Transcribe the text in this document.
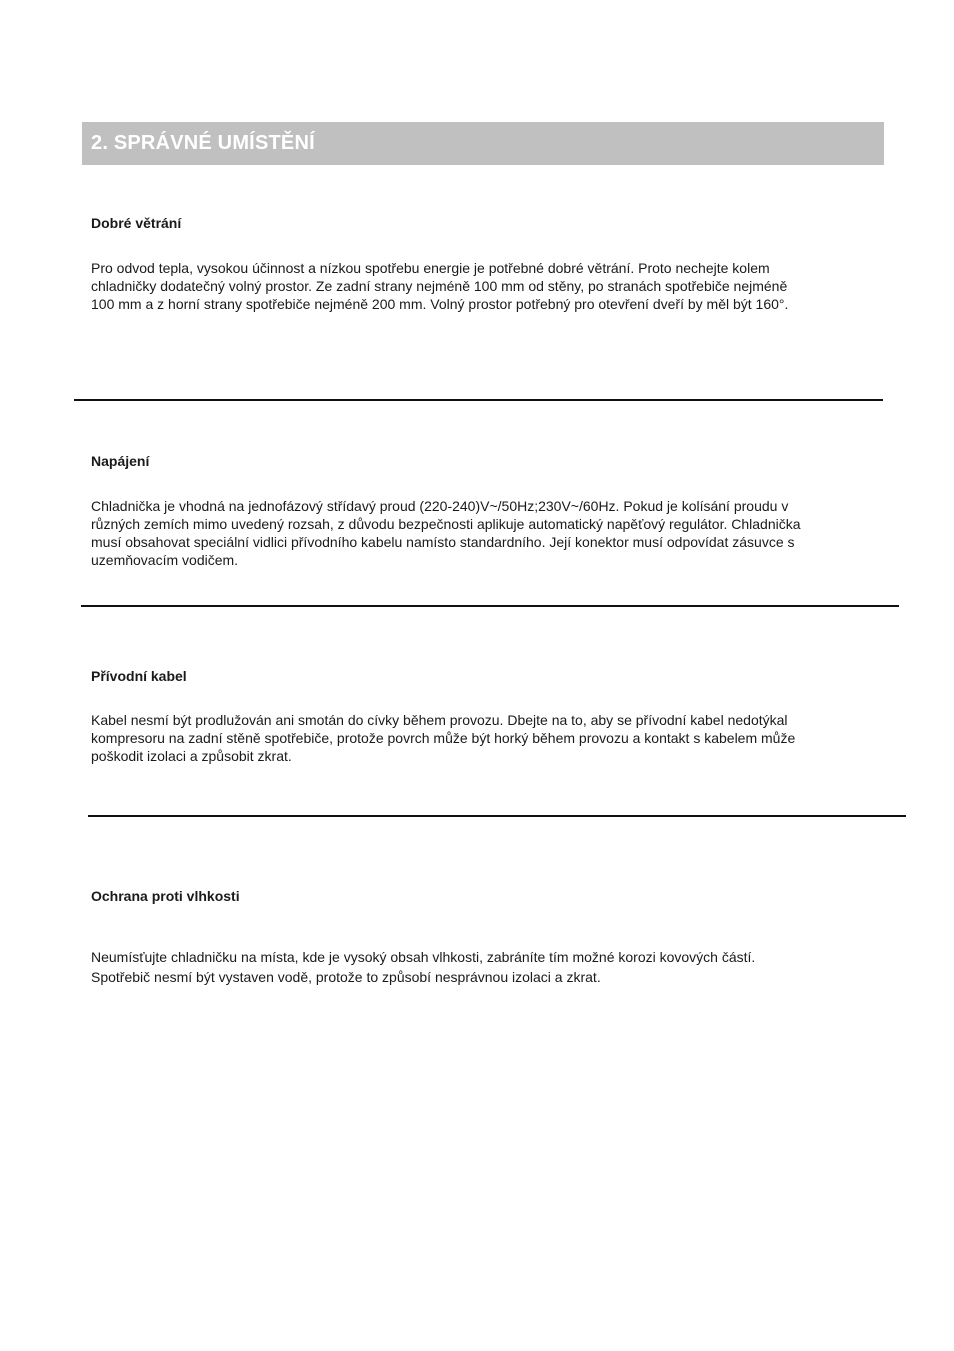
2. SPRÁVNÉ UMÍSTĚNÍ
Dobré větrání

Pro odvod tepla, vysokou účinnost a nízkou spotřebu energie je potřebné dobré větrání. Proto nechejte kolem

chladničky dodatečný volný prostor. Ze zadní strany nejméně 100 mm od stěny, po stranách spotřebiče nejméně

100 mm a z horní strany spotřebiče nejméně 200 mm. Volný prostor potřebný pro otevření dveří by měl být 160°.

Napájení

Chladnička je vhodná na jednofázový střídavý proud (220-240)V~/50Hz;230V~/60Hz. Pokud je kolísání proudu v

různých zemích mimo uvedený rozsah, z důvodu bezpečnosti aplikuje automatický napěťový regulátor. Chladnička

musí obsahovat speciální vidlici přívodního kabelu namísto standardního. Její konektor musí odpovídat zásuvce s

uzemňovacím vodičem.

Přívodní kabel

Kabel nesmí být prodlužován ani smotán do cívky během provozu. Dbejte na to, aby se přívodní kabel nedotýkal

kompresoru na zadní stěně spotřebiče, protože povrch může být horký během provozu a kontakt s kabelem může

poškodit izolaci a způsobit zkrat.

Ochrana proti vlhkosti

Neumísťujte chladničku na místa, kde je vysoký obsah vlhkosti, zabráníte tím možné korozi kovových částí.

Spotřebič nesmí být vystaven vodě, protože to způsobí nesprávnou izolaci a zkrat.
